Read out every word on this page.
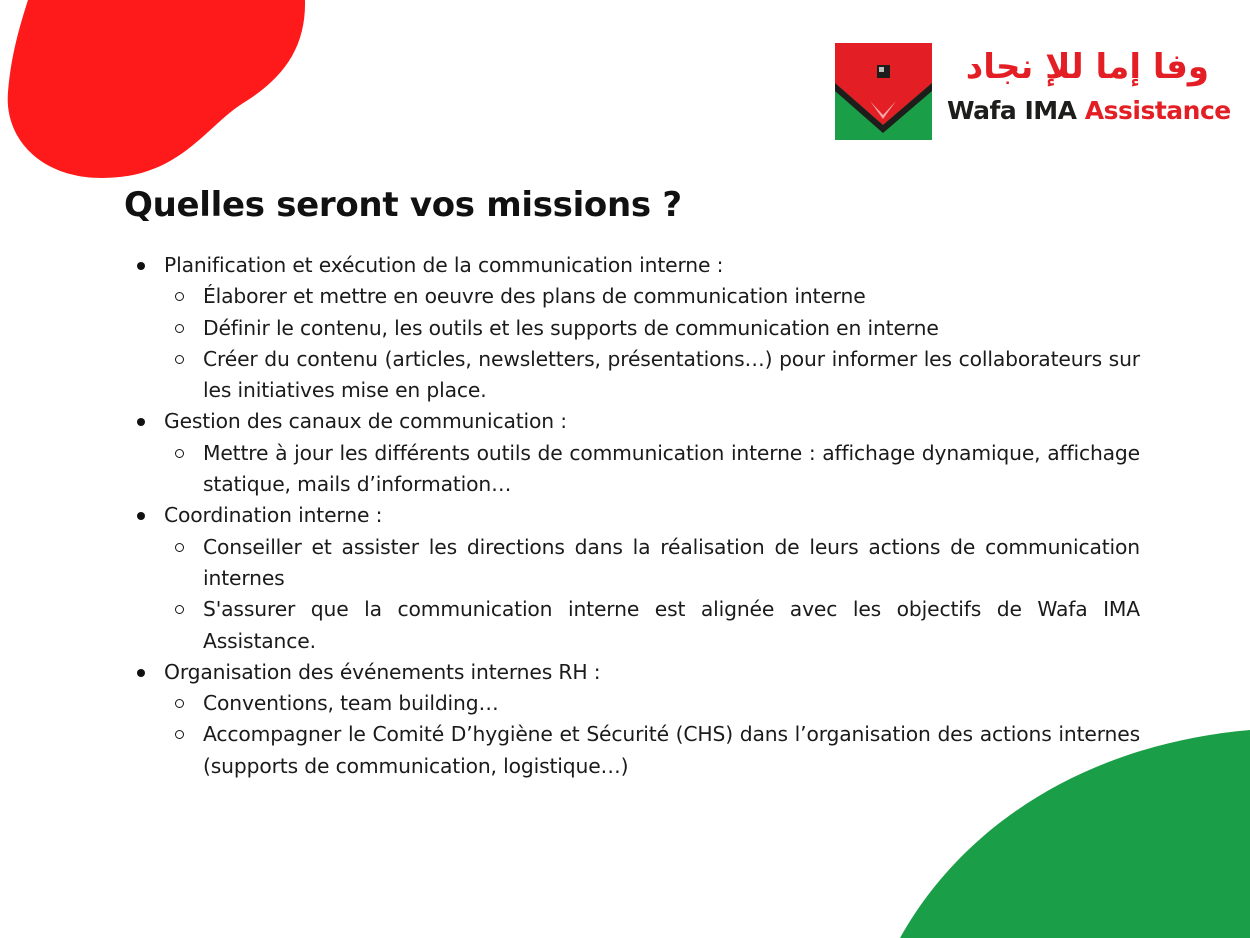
وفا إما للإ نجاد
Wafa IMA Assistance
Quelles seront vos missions ?
Planification et exécution de la communication interne :
Élaborer et mettre en oeuvre des plans de communication interne
Définir le contenu, les outils et les supports de communication en interne
Créer du contenu (articles, newsletters, présentations…) pour informer les collaborateurs sur les initiatives mise en place.
Gestion des canaux de communication :
Mettre à jour les différents outils de communication interne : affichage dynamique, affichage statique, mails d’information…
Coordination interne :
Conseiller et assister les directions dans la réalisation de leurs actions de communication internes
S'assurer que la communication interne est alignée avec les objectifs de Wafa IMA Assistance.
Organisation des événements internes RH :
Conventions, team building…
Accompagner le Comité D’hygiène et Sécurité (CHS) dans l’organisation des actions internes (supports de communication, logistique…)
